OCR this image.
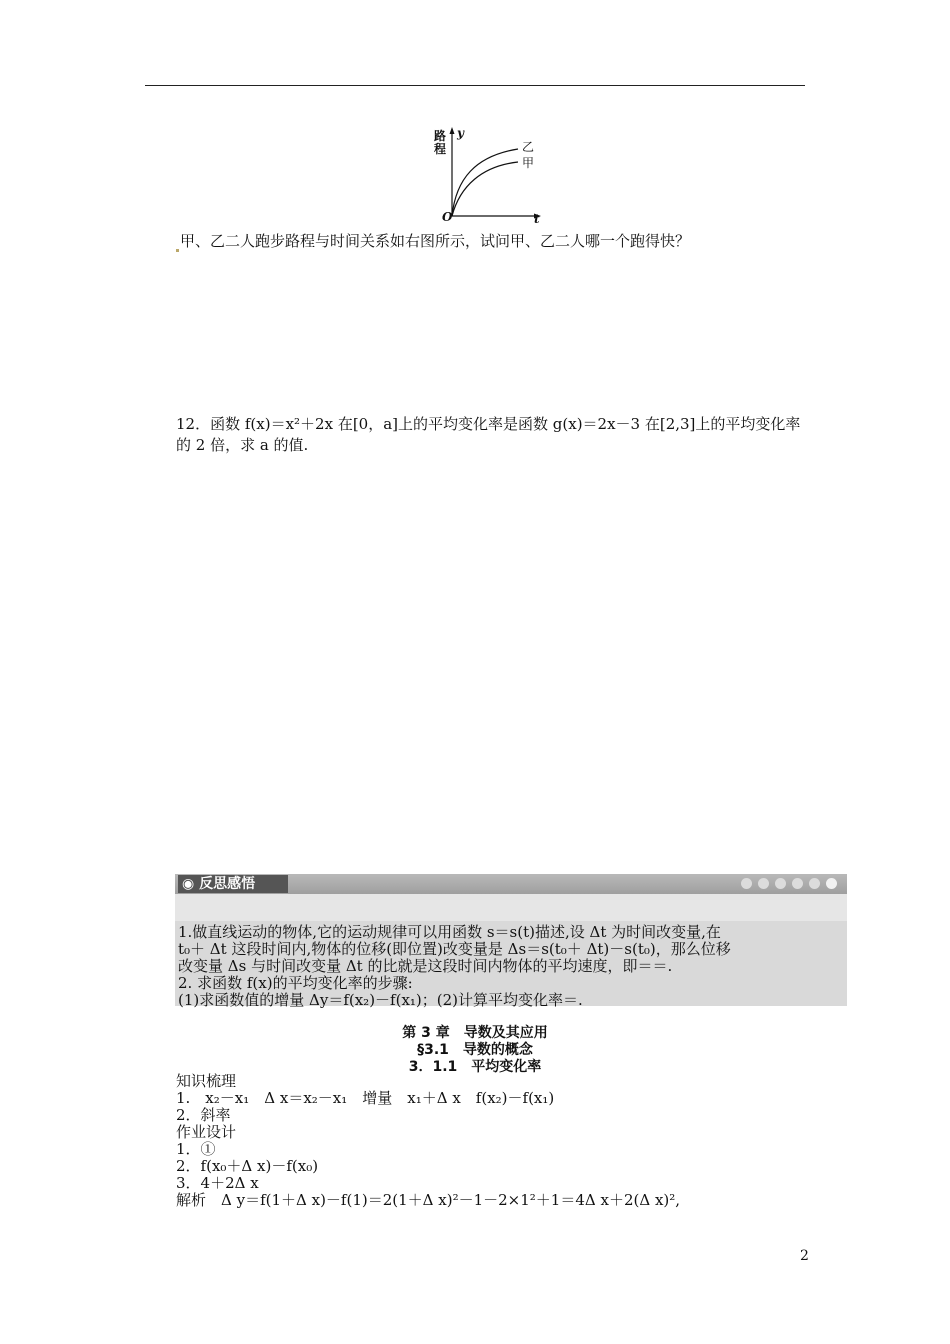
y
路程
O	t
乙
甲
甲、乙二人跑步路程与时间关系如右图所示，试问甲、乙二人哪一个跑得快？
12．函数 f(x)＝x²＋2x 在[0，a]上的平均变化率是函数 g(x)＝2x－3 在[2,3]上的平均变化率的 2 倍，求 a 的值.
◉ 反思感悟
1.做直线运动的物体,它的运动规律可以用函数 s＝s(t)描述,设 Δt 为时间改变量,在
t₀＋ Δt 这段时间内,物体的位移(即位置)改变量是 Δs＝s(t₀＋ Δt)－s(t₀)，那么位移
改变量 Δs 与时间改变量 Δt 的比就是这段时间内物体的平均速度，即＝＝.
2. 求函数 f(x)的平均变化率的步骤:
(1)求函数值的增量 Δy＝f(x₂)－f(x₁)；(2)计算平均变化率＝.
第 3 章　导数及其应用
§3.1　导数的概念
3．1.1　平均变化率
知识梳理
1.　x₂－x₁　Δ x＝x₂－x₁　增量　x₁＋Δ x　f(x₂)－f(x₁)
2．斜率
作业设计
1．①
2．f(x₀＋Δ x)－f(x₀)
3．4＋2Δ x
解析　Δ y＝f(1＋Δ x)－f(1)＝2(1＋Δ x)²－1－2×1²＋1＝4Δ x＋2(Δ x)²,
2
